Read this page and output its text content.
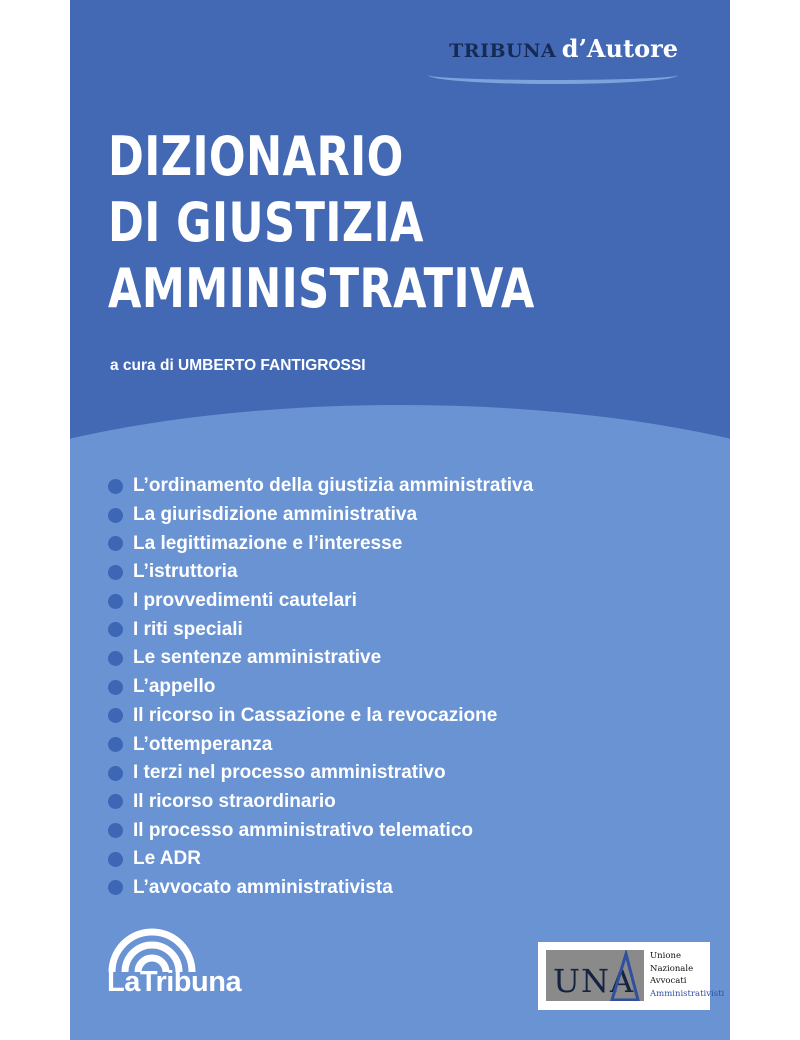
TRIBUNA d’Autore
DIZIONARIO
DI GIUSTIZIA
AMMINISTRATIVA
a cura di UMBERTO FANTIGROSSI
L’ordinamento della giustizia amministrativa
La giurisdizione amministrativa
La legittimazione e l’interesse
L’istruttoria
I provvedimenti cautelari
I riti speciali
Le sentenze amministrative
L’appello
Il ricorso in Cassazione e la revocazione
L’ottemperanza
I terzi nel processo amministrativo
Il ricorso straordinario
Il processo amministrativo telematico
Le ADR
L’avvocato amministrativista
LaTribuna	UNA
Unione
Nazionale
Avvocati
Amministrativisti
